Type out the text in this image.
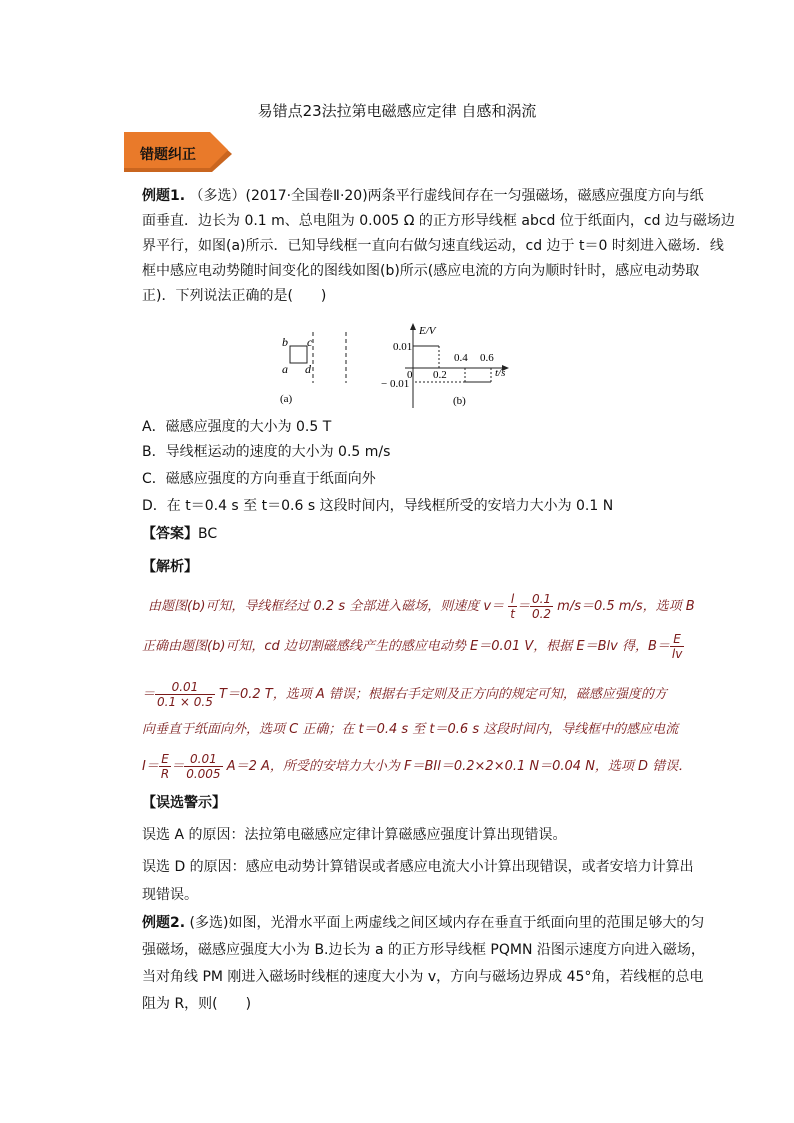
易错点23法拉第电磁感应定律 自感和涡流
错题纠正
例题1. （多选）(2017·全国卷Ⅱ·20)两条平行虚线间存在一匀强磁场，磁感应强度方向与纸
面垂直．边长为 0.1 m、总电阻为 0.005 Ω 的正方形导线框 abcd 位于纸面内，cd 边与磁场边
界平行，如图(a)所示．已知导线框一直向右做匀速直线运动，cd 边于 t＝0 时刻进入磁场．线
框中感应电动势随时间变化的图线如图(b)所示(感应电流的方向为顺时针时，感应电动势取
正)．下列说法正确的是(　　)
b c
a d
(a)
E/V
t/s
0.01
− 0.01
0 0.2
0.4 0.6
(b)
A．磁感应强度的大小为 0.5 T
B．导线框运动的速度的大小为 0.5 m/s
C．磁感应强度的方向垂直于纸面向外
D．在 t＝0.4 s 至 t＝0.6 s 这段时间内，导线框所受的安培力大小为 0.1 N
【答案】BC
【解析】
由题图(b)可知，导线框经过 0.2 s 全部进入磁场，则速度 $v= \frac{l}{t} = \frac{0.1}{0.2} m/s=0.5$ m/s，选项 B
正确由题图(b)可知，cd 边切割磁感线产生的感应电动势 E＝0.01 V，根据 E＝Blv 得，$B= \frac{E}{lv}$
＝ $\frac{0.01}{0.1 \times 0.5} T=0.2$ T，选项 A 错误；根据右手定则及正方向的规定可知，磁感应强度的方
向垂直于纸面向外，选项 C 正确；在 t＝0.4 s 至 t＝0.6 s 这段时间内，导线框中的感应电流
$I= \frac{E}{R} = \frac{0.01}{0.005} A=2$ A，所受的安培力大小为 F＝BIl＝0.2×2×0.1 N＝0.04 N，选项 D 错误．
【误选警示】
误选 A 的原因：法拉第电磁感应定律计算磁感应强度计算出现错误。
误选 D 的原因：感应电动势计算错误或者感应电流大小计算出现错误，或者安培力计算出
现错误。
例题2. (多选)如图，光滑水平面上两虚线之间区域内存在垂直于纸面向里的范围足够大的匀
强磁场，磁感应强度大小为 B.边长为 a 的正方形导线框 PQMN 沿图示速度方向进入磁场，
当对角线 PM 刚进入磁场时线框的速度大小为 v，方向与磁场边界成 45°角，若线框的总电
阻为 R，则(　　)
